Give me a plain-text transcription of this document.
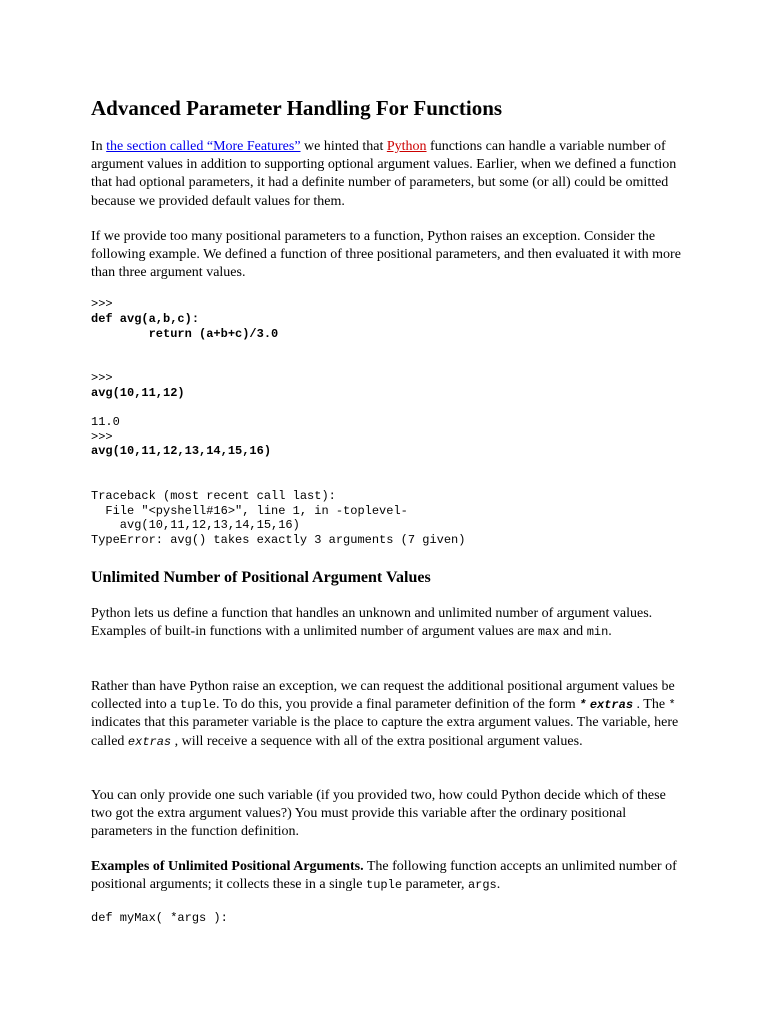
Advanced Parameter Handling For Functions

In the section called “More Features” we hinted that Python functions can handle a variable number of argument values in addition to supporting optional argument values. Earlier, when we defined a function that had optional parameters, it had a definite number of parameters, but some (or all) could be omitted because we provided default values for them.

If we provide too many positional parameters to a function, Python raises an exception. Consider the following example. We defined a function of three positional parameters, and then evaluated it with more than three argument values.

>>>
def avg(a,b,c):
return (a+b+c)/3.0
>>>
avg(10,11,12)
11.0
>>>
avg(10,11,12,13,14,15,16)
Traceback (most recent call last):
File "<pyshell#16>", line 1, in -toplevel-
avg(10,11,12,13,14,15,16)
TypeError: avg() takes exactly 3 arguments (7 given)
Unlimited Number of Positional Argument Values

Python lets us define a function that handles an unknown and unlimited number of argument values. Examples of built-in functions with a unlimited number of argument values are max and min.

Rather than have Python raise an exception, we can request the additional positional argument values be collected into a tuple. To do this, you provide a final parameter definition of the form * extras . The * indicates that this parameter variable is the place to capture the extra argument values. The variable, here called extras , will receive a sequence with all of the extra positional argument values.

You can only provide one such variable (if you provided two, how could Python decide which of these two got the extra argument values?) You must provide this variable after the ordinary positional parameters in the function definition.

Examples of Unlimited Positional Arguments. The following function accepts an unlimited number of positional arguments; it collects these in a single tuple parameter, args.

def myMax( *args ):
